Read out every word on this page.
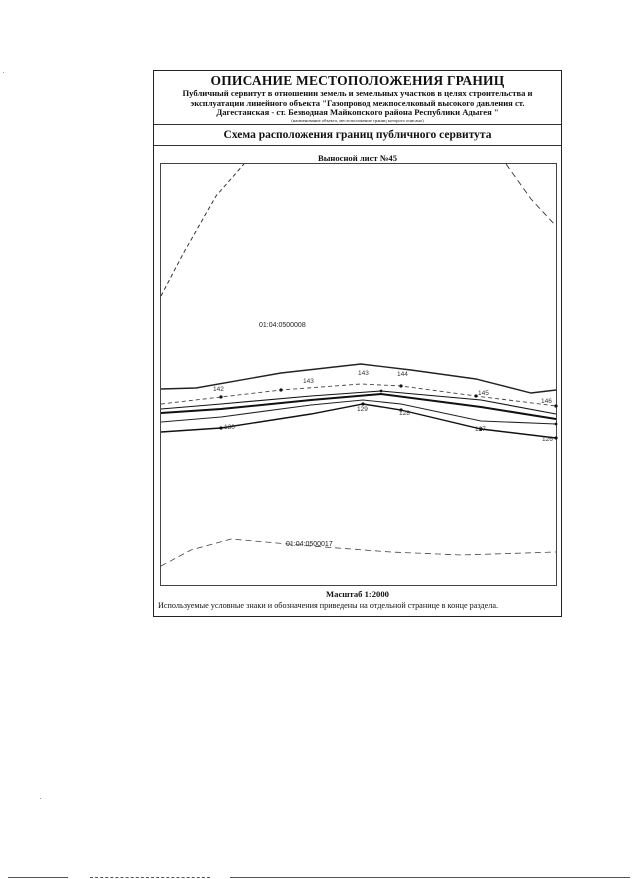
ОПИСАНИЕ МЕСТОПОЛОЖЕНИЯ ГРАНИЦ
Публичный сервитут в отношении земель и земельных участков в целях строительства и
эксплуатации линейного объекта "Газопровод межпоселковый высокого давления ст.
Дагестанская - ст. Безводная Майкопского района Республики Адыгея "
(наименование объекта, местоположение границ которого описано)
Схема расположения границ публичного сервитута
Выносной лист №45
01:04:0500008
01:04:0500017
142
143
143	144
145
146
130
129
128
127
126
Масштаб 1:2000
Используемые условные знаки и обозначения приведены на отдельной странице в конце раздела.
